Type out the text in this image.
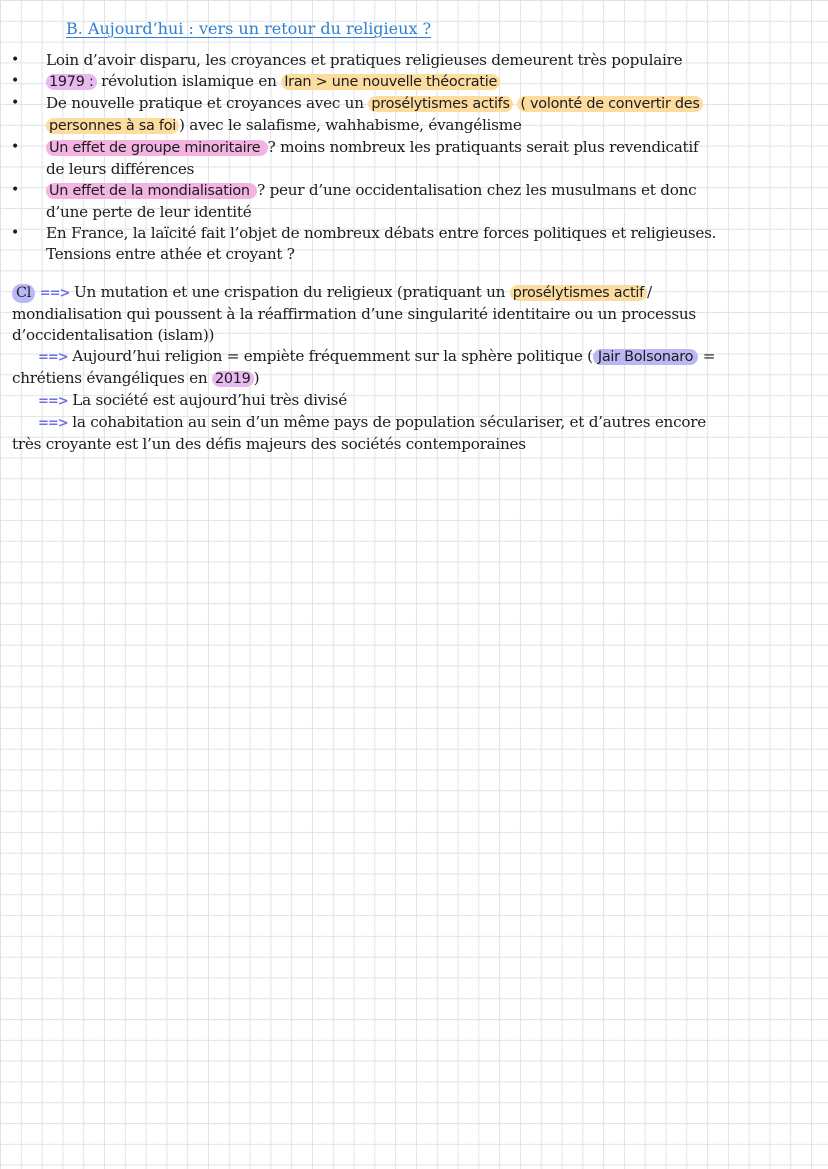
B. Aujourd’hui : vers un retour du religieux ?
• Loin d’avoir disparu, les croyances et pratiques religieuses demeurent très populaire
• 1979 : révolution islamique en Iran > une nouvelle théocratie
• De nouvelle pratique et croyances avec un prosélytismes actifs ( volonté de convertir des
personnes à sa foi ) avec le salafisme, wahhabisme, évangélisme
• Un effet de groupe minoritaire ? moins nombreux les pratiquants serait plus revendicatif
de leurs différences
• Un effet de la mondialisation ? peur d’une occidentalisation chez les musulmans et donc
d’une perte de leur identité
• En France, la laïcité fait l’objet de nombreux débats entre forces politiques et religieuses.
Tensions entre athée et croyant ?
Cl ==> Un mutation et une crispation du religieux (pratiquant un prosélytismes actif /
mondialisation qui poussent à la réaffirmation d’une singularité identitaire ou un processus
d’occidentalisation (islam))
==> Aujourd’hui religion = empiète fréquemment sur la sphère politique ( Jair Bolsonaro =
chrétiens évangéliques en 2019 )
==> La société est aujourd’hui très divisé
==> la cohabitation au sein d’un même pays de population séculariser, et d’autres encore
très croyante est l’un des défis majeurs des sociétés contemporaines
